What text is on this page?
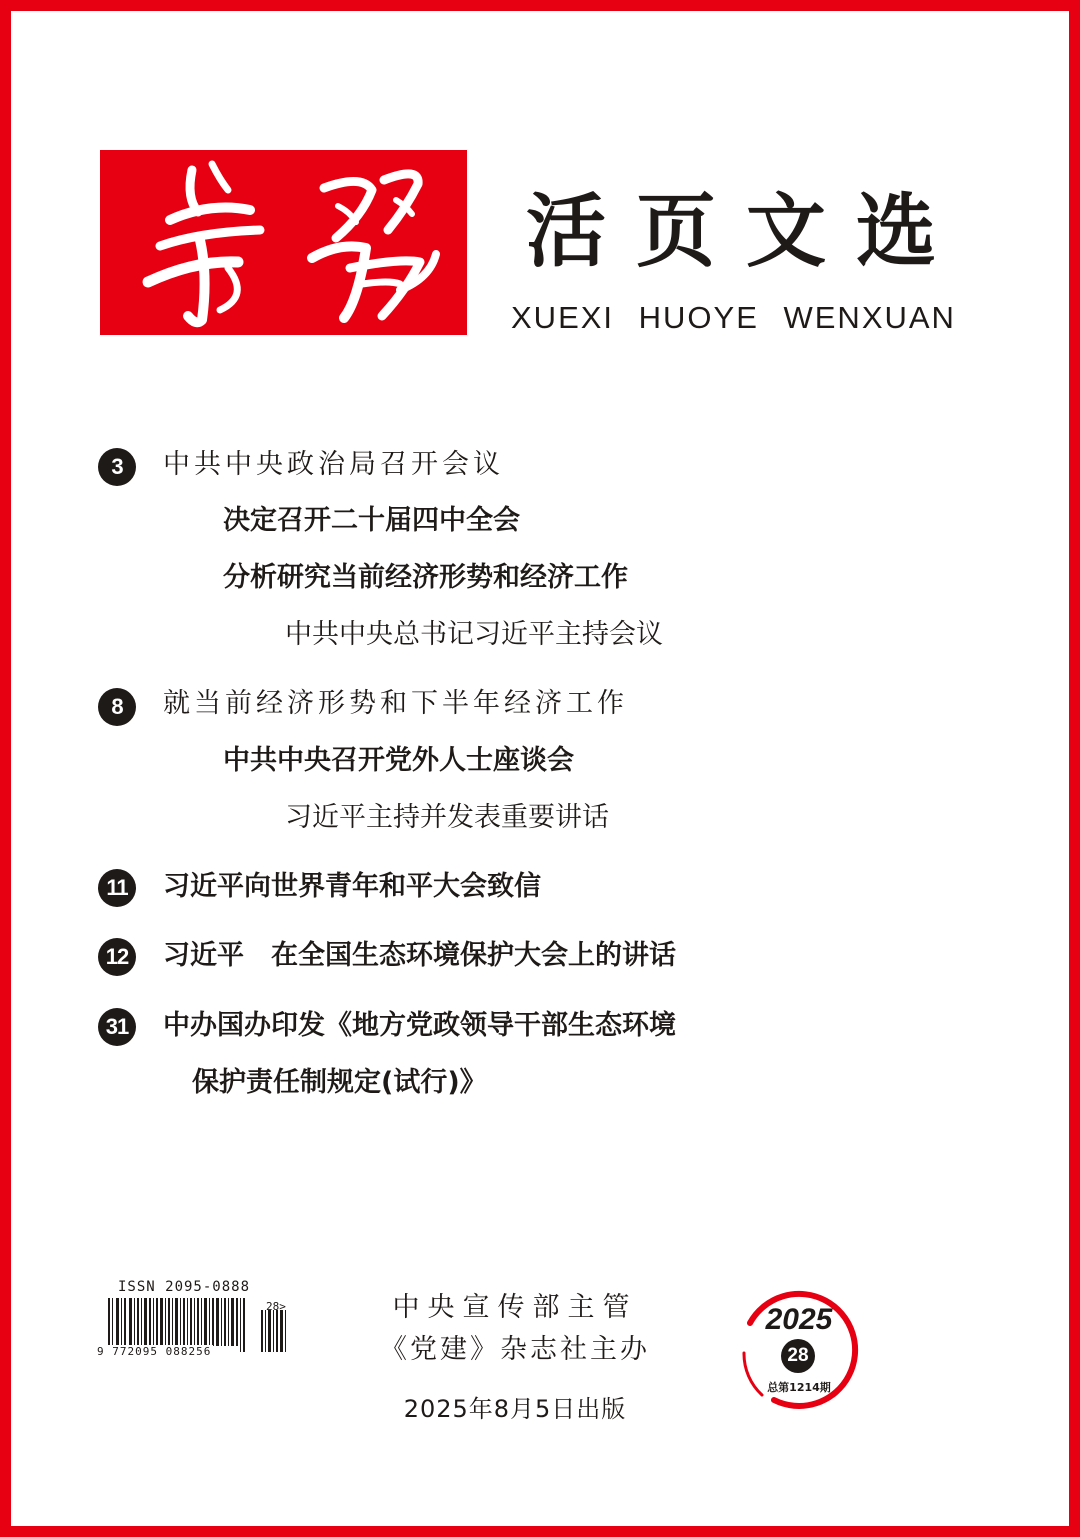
活页文选
XUEXI HUOYE WENXUAN
3	中共中央政治局召开会议
决定召开二十届四中全会
分析研究当前经济形势和经济工作
中共中央总书记习近平主持会议
8	就当前经济形势和下半年经济工作
中共中央召开党外人士座谈会
习近平主持并发表重要讲话
11	习近平向世界青年和平大会致信
12 习近平　在全国生态环境保护大会上的讲话
31 中办国办印发《地方党政领导干部生态环境
保护责任制规定(试行)》
ISSN 2095-0888
9 772095 088256
28>	中央宣传部主管
《党建》杂志社主办
2025年8月5日出版
2025
28
总第1214期
